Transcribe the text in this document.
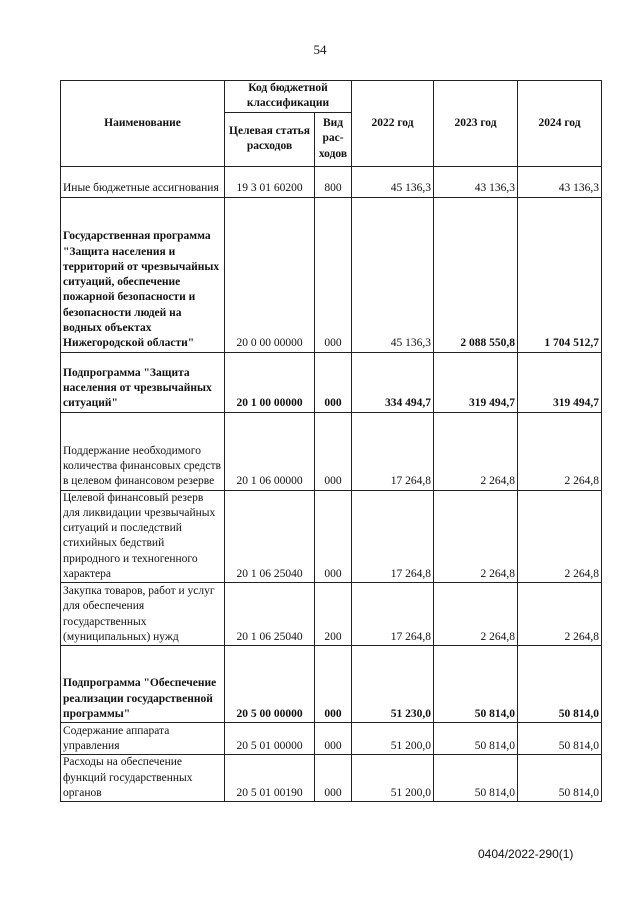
54
Наименование	Код бюджетной классификации		2022 год	2023 год	2024 год
	Целевая статья расходов	Вид рас-ходов			
Иные бюджетные ассигнования	19 3 01 60200	800	45 136,3	43 136,3	43 136,3
Государственная программа "Защита населения и территорий от чрезвычайных ситуаций, обеспечение пожарной безопасности и безопасности людей на водных объектах Нижегородской области"	20 0 00 00000	000	45 136,3	2 088 550,8	1 704 512,7
Подпрограмма "Защита населения от чрезвычайных ситуаций"	20 1 00 00000	000	334 494,7	319 494,7	319 494,7
Поддержание необходимого количества финансовых средств в целевом финансовом резерве	20 1 06 00000	000	17 264,8	2 264,8	2 264,8
Целевой финансовый резерв для ликвидации чрезвычайных ситуаций и последствий стихийных бедствий природного и техногенного характера	20 1 06 25040	000	17 264,8	2 264,8	2 264,8
Закупка товаров, работ и услуг для обеспечения государственных (муниципальных) нужд	20 1 06 25040	200	17 264,8	2 264,8	2 264,8
Подпрограмма "Обеспечение реализации государственной программы"	20 5 00 00000	000	51 230,0	50 814,0	50 814,0
Содержание аппарата управления	20 5 01 00000	000	51 200,0	50 814,0	50 814,0
Расходы на обеспечение функций государственных органов	20 5 01 00190	000	51 200,0	50 814,0	50 814,0
0404/2022-290(1)
